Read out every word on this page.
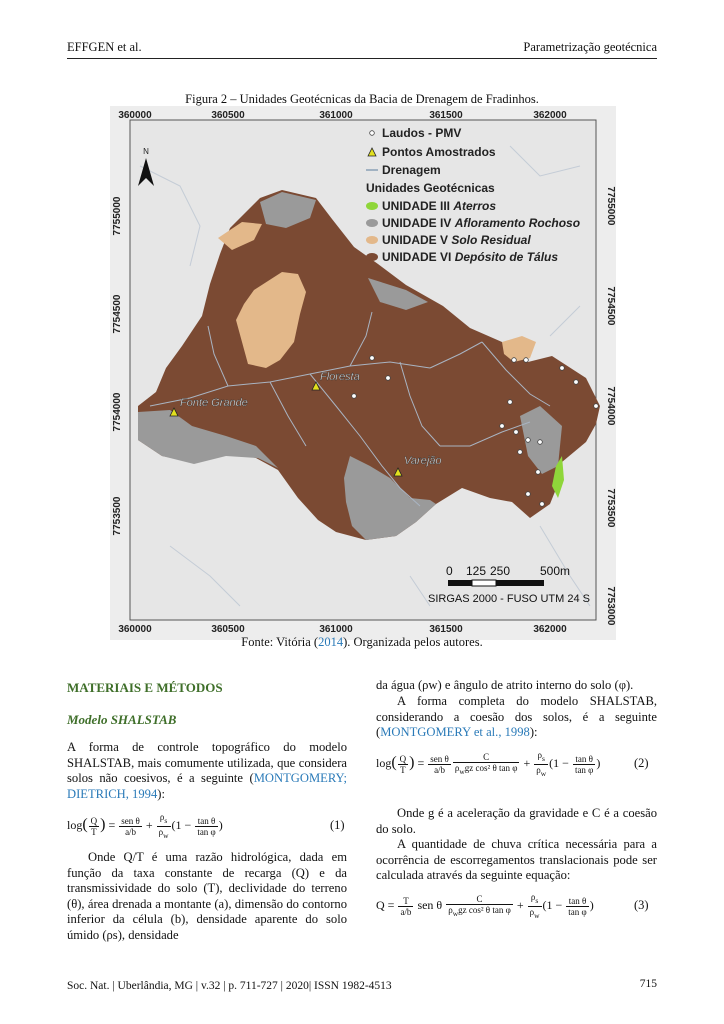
EFFGEN et al.	Parametrização geotécnica
Figura 2 – Unidades Geotécnicas da Bacia de Drenagem de Fradinhos.
Floresta
Fonte Grande
Varejão
360000	360500	361000	361500	362000
360000	360500	361000	361500	362000
7755000
7754500
7754000
7753500
7755000
7754500
7754000
7753500
7753000
N
Laudos - PMV
Pontos Amostrados
Drenagem
Unidades Geotécnicas
UNIDADE III Aterros
UNIDADE IV Afloramento Rochoso
UNIDADE V Solo Residual
UNIDADE VI Depósito de Tálus
0 125 250 500m
SIRGAS 2000 - FUSO UTM 24 S
Fonte: Vitória (2014). Organizada pelos autores.
MATERIAIS E MÉTODOS
Modelo SHALSTAB
A forma de controle topográfico do modelo SHALSTAB, mais comumente utilizada, que considera solos não coesivos, é a seguinte (MONTGOMERY; DIETRICH, 1994):
$\log( \frac{Q}{T}$ ) = $\frac{\text{sen θ}}{a/b} + \frac{\rho_s}{\rho_w} (1 - \frac{\text{tan θ}}{\text{tan φ}}$ )	(1)
Onde Q/T é uma razão hidrológica, dada em função da taxa constante de recarga (Q) e da transmissividade do solo (T), declividade do terreno (θ), área drenada a montante (a), dimensão do contorno inferior da célula (b), densidade aparente do solo úmido (ρs), densidade
da água (ρw) e ângulo de atrito interno do solo (φ).
A forma completa do modelo SHALSTAB, considerando a coesão dos solos, é a seguinte (MONTGOMERY et al., 1998):
$\log( \frac{Q}{T}$ ) = $\frac{\text{sen θ}}{a/b} \frac{C}{\rho_wgz \cos^2 \theta \tan \varphi} + \frac{\rho_s}{\rho_w} (1 - \frac{\text{tan θ}}{\text{tan φ}}$ )	(2)
Onde g é a aceleração da gravidade e C é a coesão do solo.
A quantidade de chuva crítica necessária para a ocorrência de escorregamentos translacionais pode ser calculada através da seguinte equação:
$Q = \frac{T}{a/b}$ sen θ $\frac{C}{\rho_wgz \cos^2 \theta \tan \varphi} + \frac{\rho_s}{\rho_w} (1 - \frac{\text{tan θ}}{\text{tan φ}}$ )	(3)
Soc. Nat. | Uberlândia, MG | v.32 | p. 711-727 | 2020| ISSN 1982-4513	715
